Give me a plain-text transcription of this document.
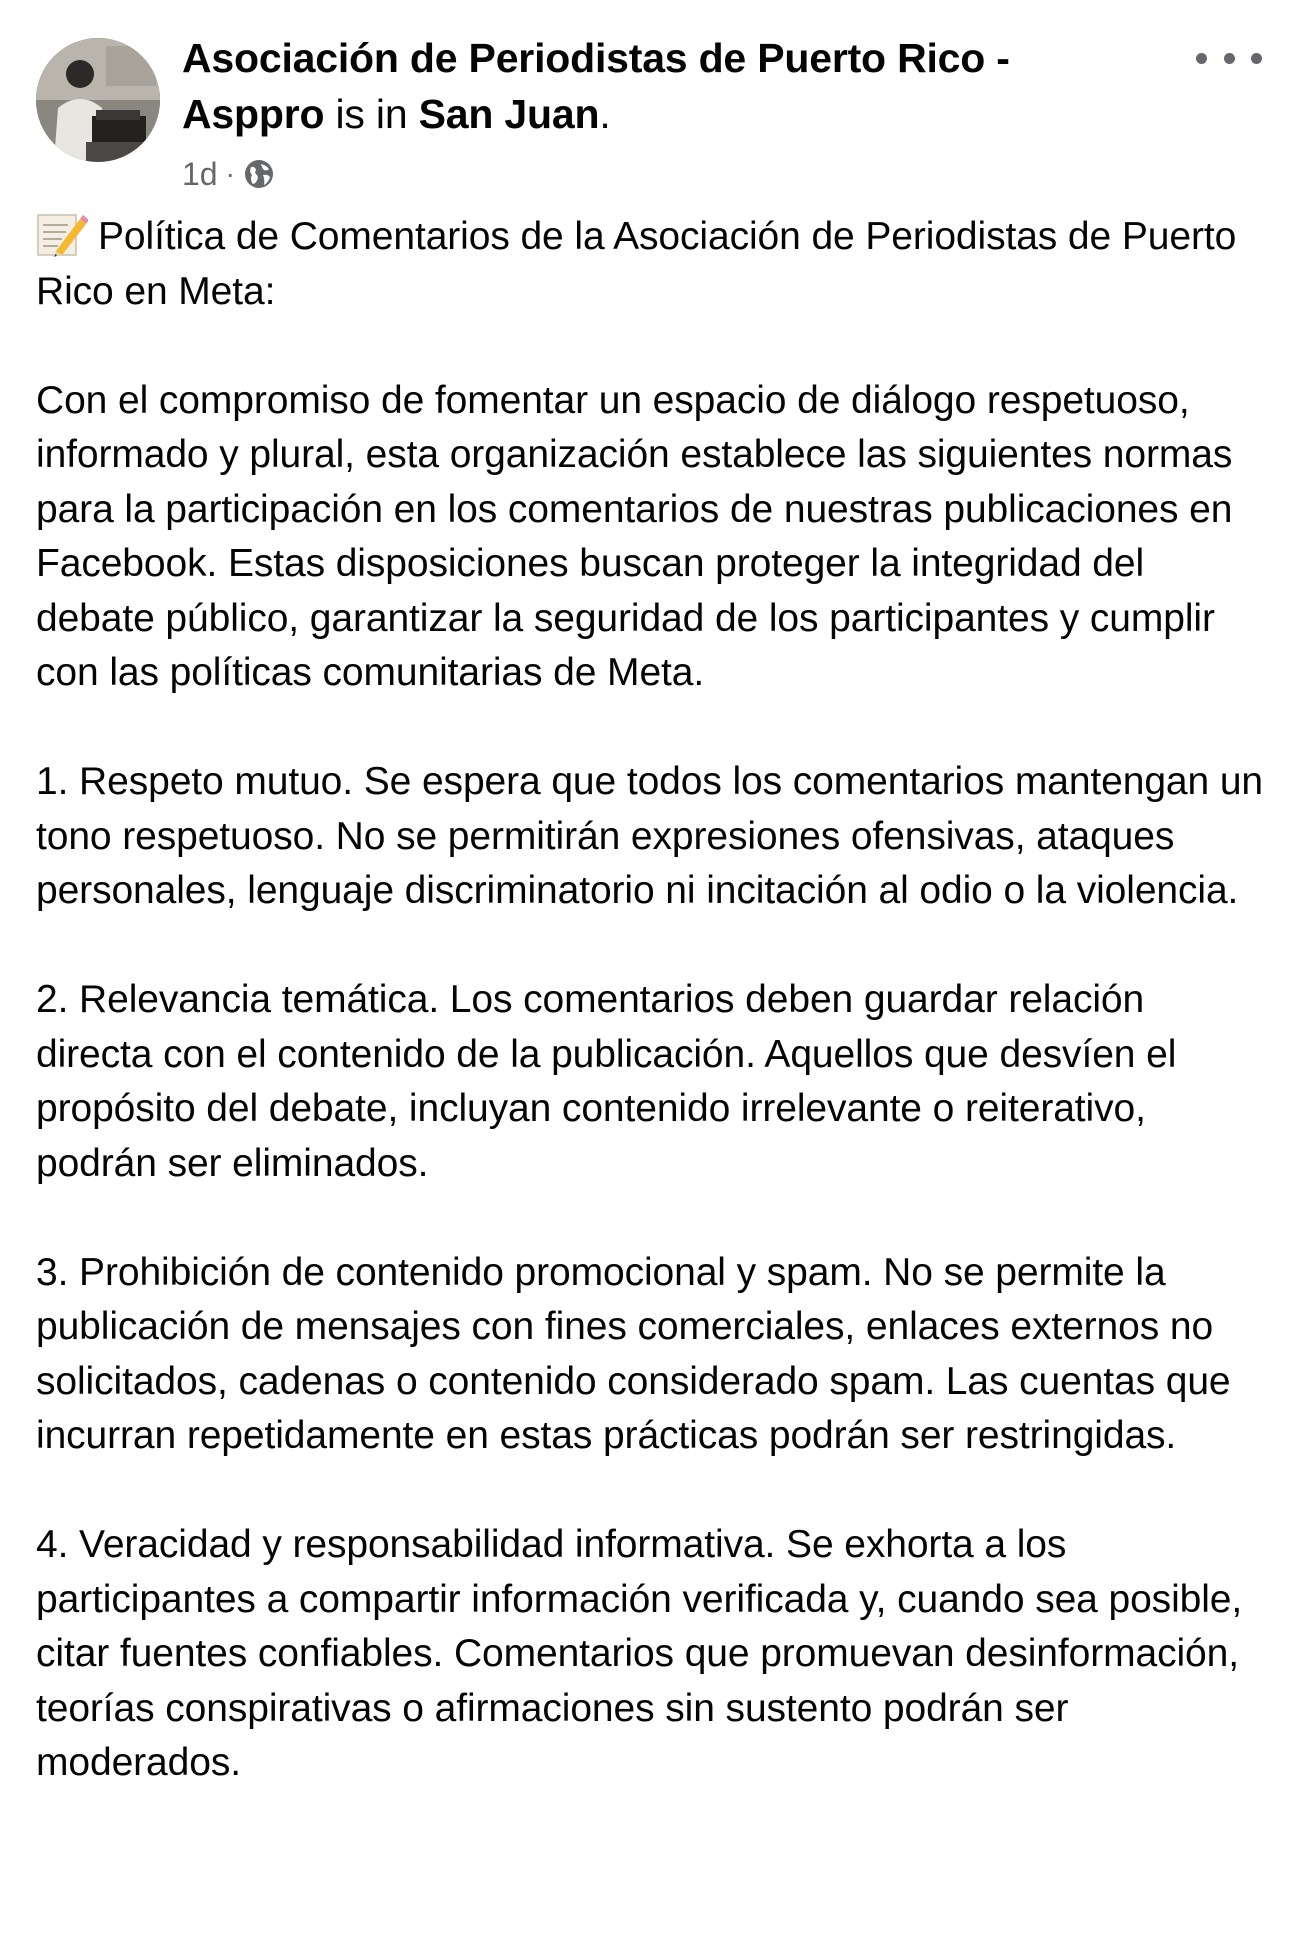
Asociación de Periodistas de Puerto Rico - Asppro is in San Juan.
1d ·
Política de Comentarios de la Asociación de Periodistas de Puerto Rico en Meta:
Con el compromiso de fomentar un espacio de diálogo respetuoso, informado y plural, esta organización establece las siguientes normas para la participación en los comentarios de nuestras publicaciones en Facebook. Estas disposiciones buscan proteger la integridad del debate público, garantizar la seguridad de los participantes y cumplir con las políticas comunitarias de Meta.
1. Respeto mutuo. Se espera que todos los comentarios mantengan un tono respetuoso. No se permitirán expresiones ofensivas, ataques personales, lenguaje discriminatorio ni incitación al odio o la violencia.
2. Relevancia temática. Los comentarios deben guardar relación directa con el contenido de la publicación. Aquellos que desvíen el propósito del debate, incluyan contenido irrelevante o reiterativo, podrán ser eliminados.
3. Prohibición de contenido promocional y spam. No se permite la publicación de mensajes con fines comerciales, enlaces externos no solicitados, cadenas o contenido considerado spam. Las cuentas que incurran repetidamente en estas prácticas podrán ser restringidas.
4. Veracidad y responsabilidad informativa. Se exhorta a los participantes a compartir información verificada y, cuando sea posible, citar fuentes confiables. Comentarios que promuevan desinformación, teorías conspirativas o afirmaciones sin sustento podrán ser moderados.
